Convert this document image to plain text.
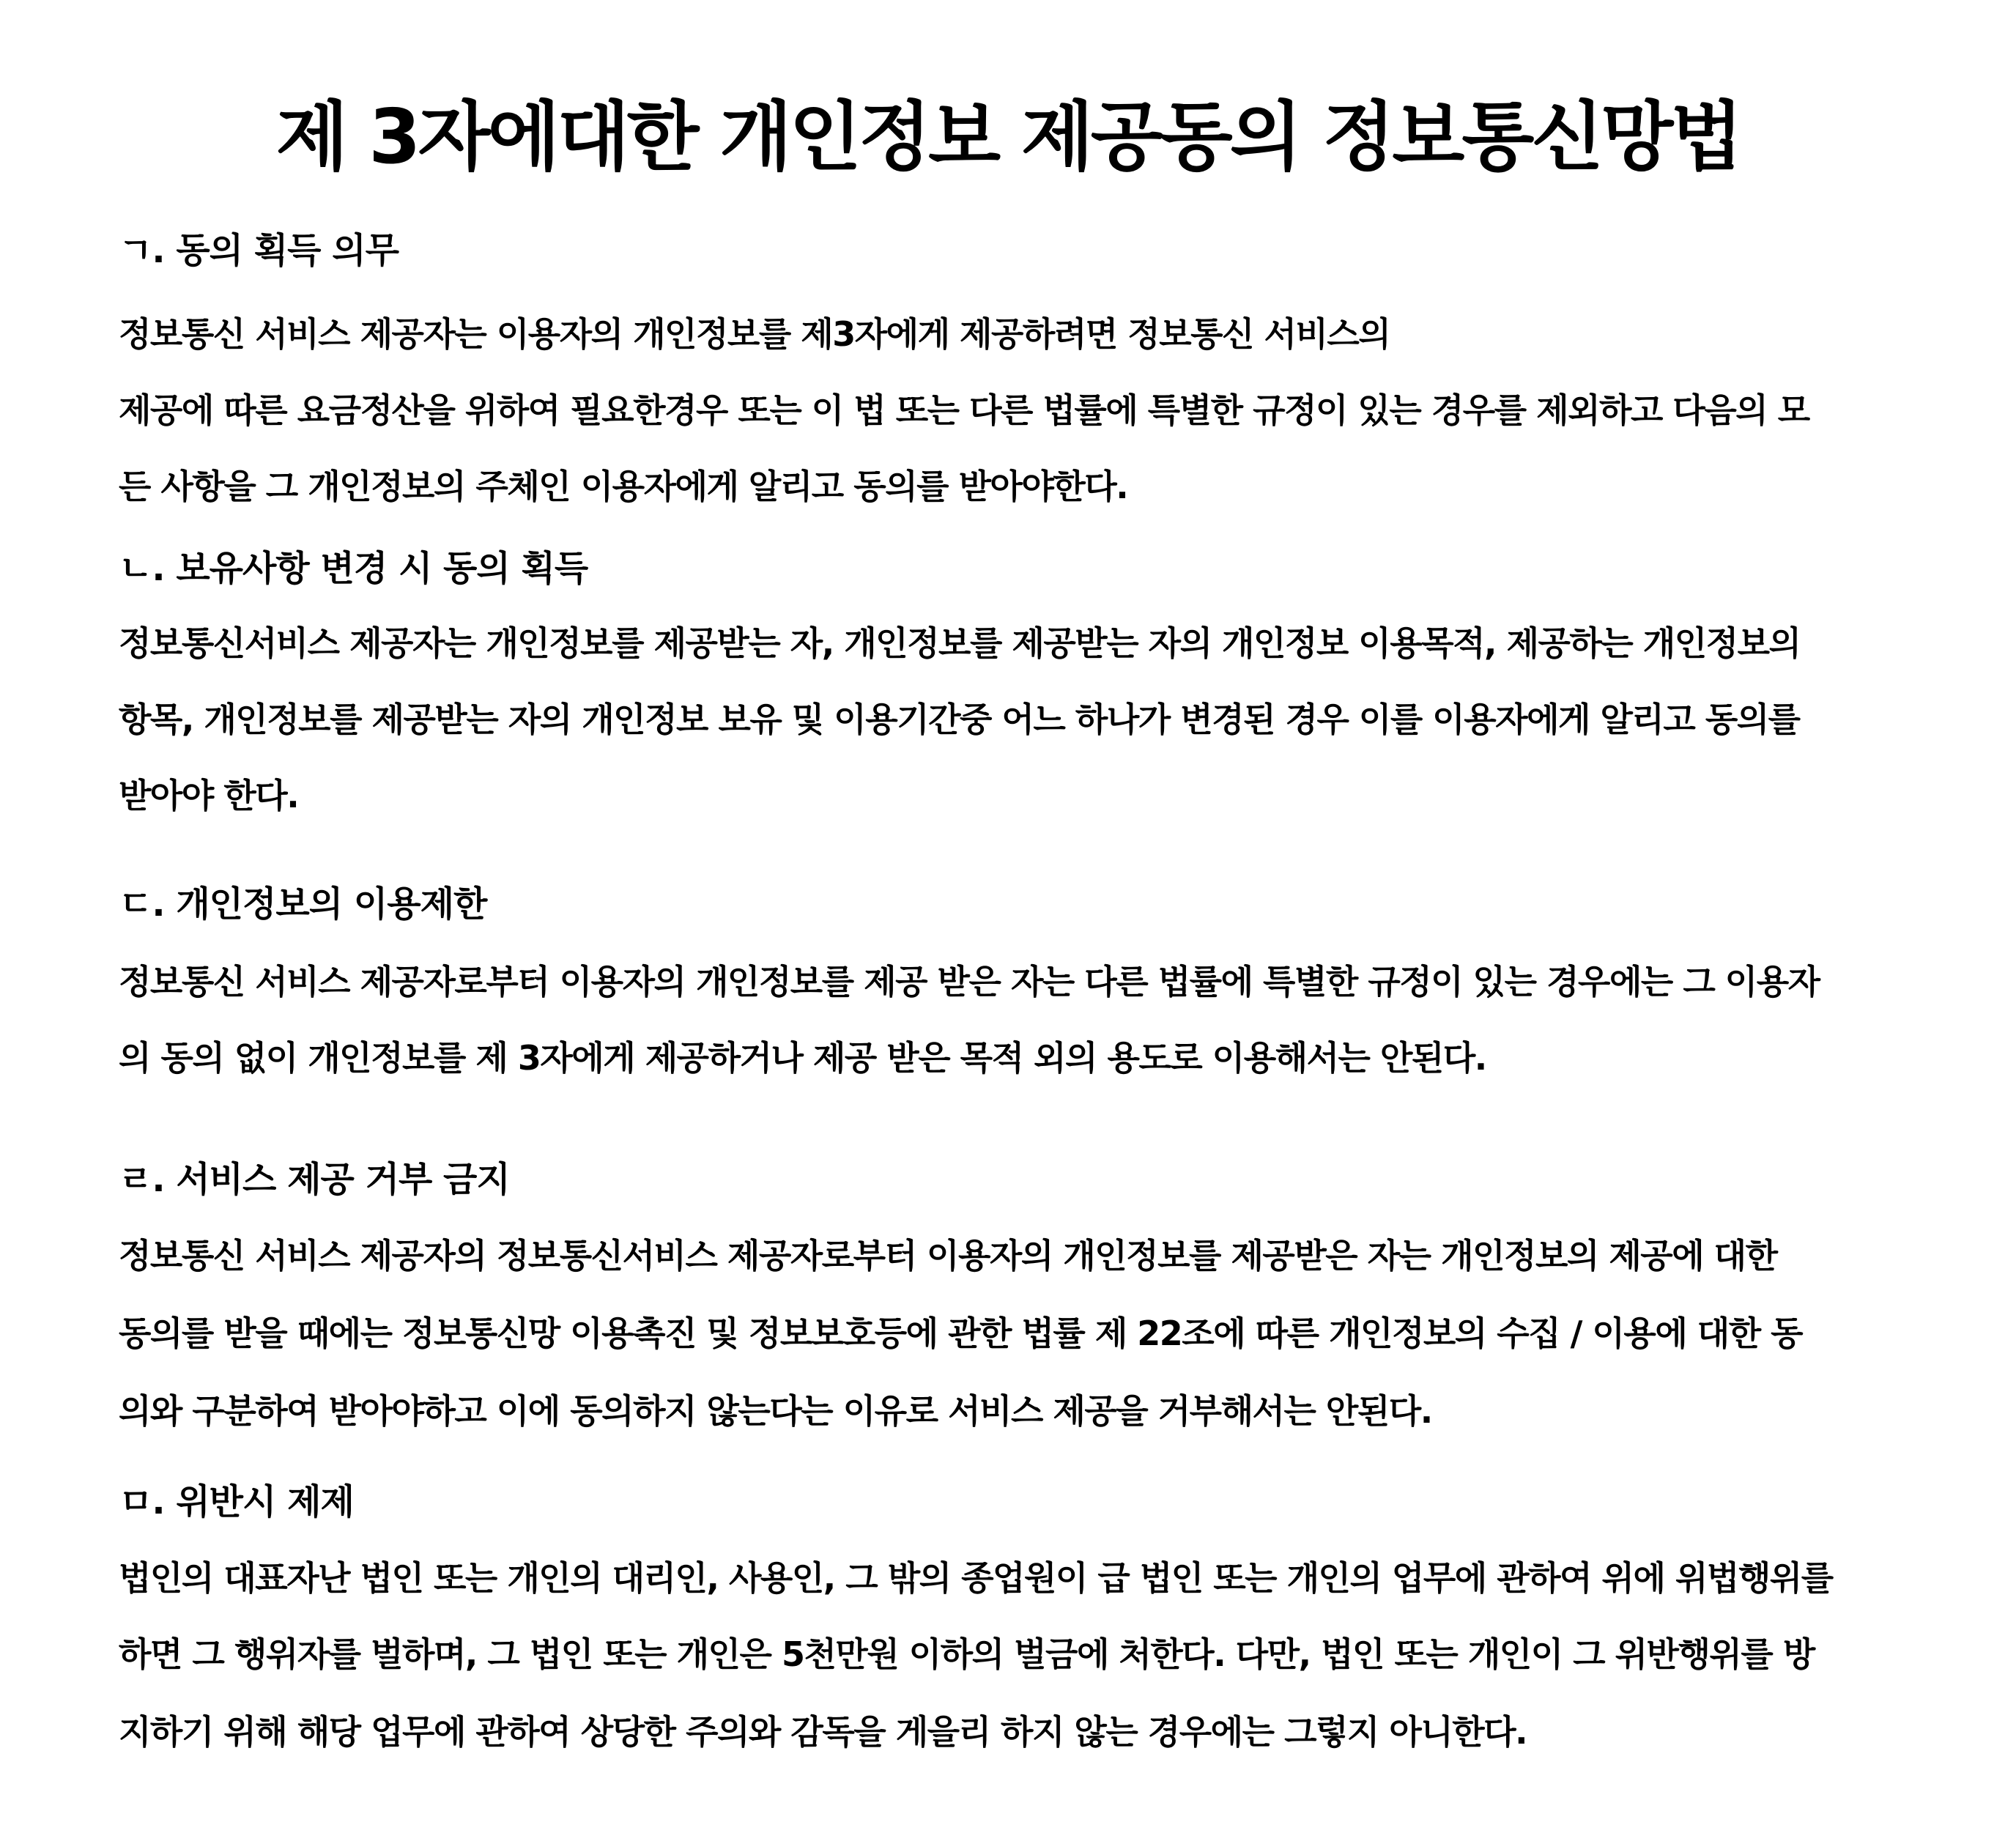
제 3자에대한 개인정보 제공동의 정보통신망법
ㄱ. 동의 획득 의무

정보통신 서비스 제공자는 이용자의 개인정보를 제3자에게 제공하려면 정보통신 서비스의

제공에 따른 요금정산을 위하여 필요한경우 또는 이 법 또는 다른 법률에 특별한 규정이 있는 경우를 제외하고 다음의 모

든 사항을 그 개인정보의 주체인 이용자에게 알리고 동의를 받아야한다.

ㄴ. 보유사항 변경 시 동의 획득

정보통신서비스 제공자는 개인정보를 제공받는 자, 개인정보를 제공받는 자의 개인정보 이용목적, 제공하는 개인정보의

항목, 개인정보를 제공받는 자의 개인정보 보유 및 이용기간중 어느 하나가 변경된 경우 이를 이용자에게 알리고 동의를

받아야 한다.

ㄷ. 개인정보의 이용제한

정보통신 서비스 제공자로부터 이용자의 개인정보를 제공 받은 자는 다른 법률에 특별한 규정이 있는 경우에는 그 이용자

의 동의 없이 개인정보를 제 3자에게 제공하거나 제공 받은 목적 외의 용도로 이용해서는 안된다.

ㄹ. 서비스 제공 거부 금지

정보통신 서비스 제공자의 정보통신서비스 제공자로부터 이용자의 개인정보를 제공받은 자는 개인정보의 제공에 대한

동의를 받을 때에는 정보통신망 이용촉진 및 정보보호등에 관한 법률 제 22조에 따른 개인정보의 수집 / 이용에 대한 동

의와 구분하여 받아야하고 이에 동의하지 않는다는 이유로 서비스 제공을 거부해서는 안된다.

ㅁ. 위반시 제제

법인의 대표자난 법인 또는 개인의 대리인, 사용인, 그 밖의 종업원이 급 법인 또는 개인의 업무에 관하여 위에 위법행위를

하면 그 행위자를 벌하며, 그 법인 또는 개인은 5천만원 이하의 벌금에 처한다. 다만, 법인 또는 개인이 그 위반행위를 방

지하기 위해 해당 업무에 관하여 상당한 주의와 감독을 게을리 하지 않는 경우에는 그렇지 아니한다.
